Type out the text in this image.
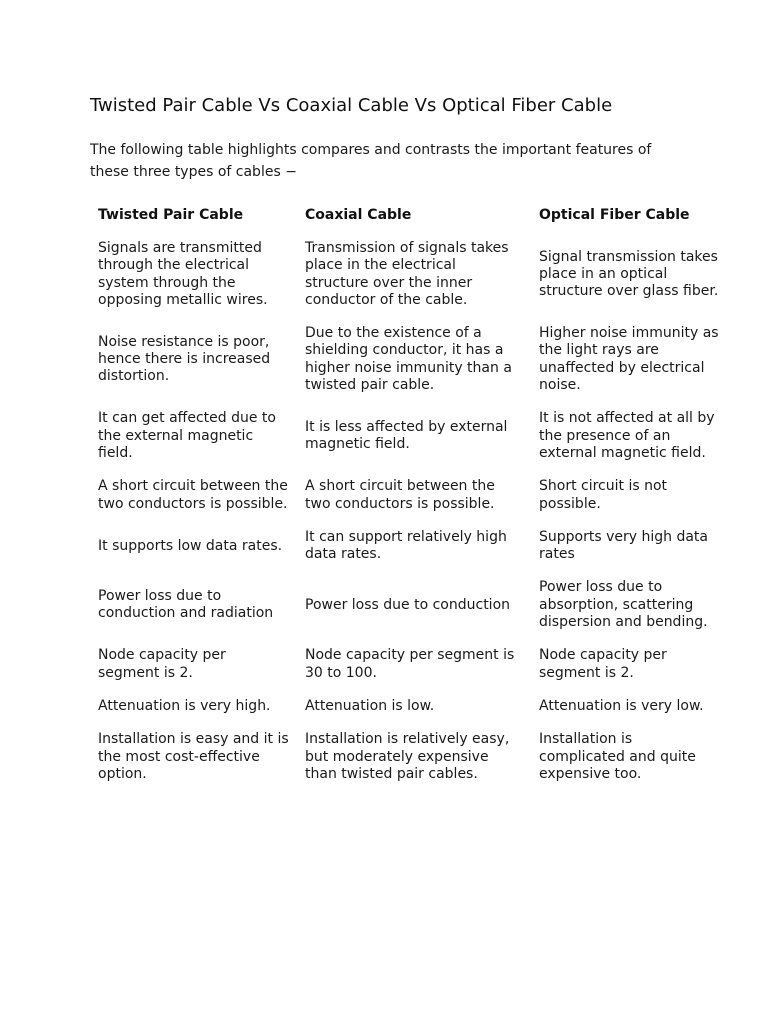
Twisted Pair Cable Vs Coaxial Cable Vs Optical Fiber Cable

The following table highlights compares and contrasts the important features of these three types of cables −

Twisted Pair Cable	Coaxial Cable	Optical Fiber Cable
Signals are transmitted through the electrical system through the opposing metallic wires.	Transmission of signals takes place in the electrical structure over the inner conductor of the cable.	Signal transmission takes place in an optical structure over glass fiber.
Noise resistance is poor, hence there is increased distortion.	Due to the existence of a shielding conductor, it has a higher noise immunity than a twisted pair cable.	Higher noise immunity as the light rays are unaffected by electrical noise.
It can get affected due to the external magnetic field.	It is less affected by external magnetic field.	It is not affected at all by the presence of an external magnetic field.
A short circuit between the two conductors is possible.	A short circuit between the two conductors is possible.	Short circuit is not possible.
It supports low data rates.	It can support relatively high data rates.	Supports very high data rates
Power loss due to conduction and radiation	Power loss due to conduction	Power loss due to absorption, scattering dispersion and bending.
Node capacity per segment is 2.	Node capacity per segment is 30 to 100.	Node capacity per segment is 2.
Attenuation is very high.	Attenuation is low.	Attenuation is very low.
Installation is easy and it is the most cost-effective option.	Installation is relatively easy, but moderately expensive than twisted pair cables.	Installation is complicated and quite expensive too.
